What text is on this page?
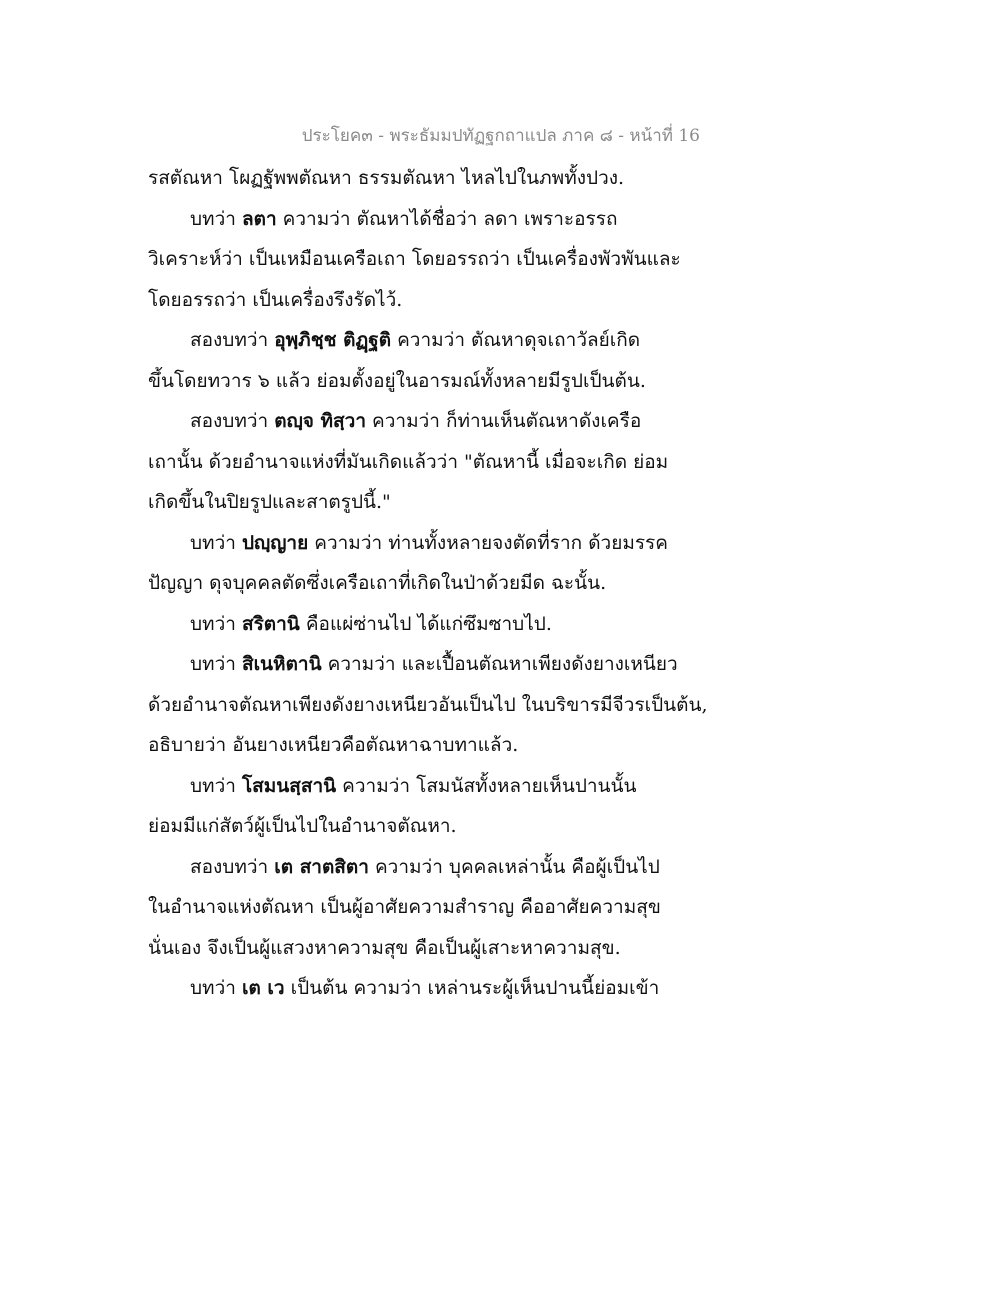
ประโยค๓ - พระธัมมปทัฏฐกถาแปล ภาค ๘ - หน้าที่ 16
รสตัณหา โผฏฐัพพตัณหา ธรรมตัณหา ไหลไปในภพทั้งปวง.
บทว่า ลตา ความว่า ตัณหาได้ชื่อว่า ลดา เพราะอรรถ
วิเคราะห์ว่า เป็นเหมือนเครือเถา โดยอรรถว่า เป็นเครื่องพัวพันและ
โดยอรรถว่า เป็นเครื่องรึงรัดไว้.
สองบทว่า อุพฺภิชฺช ติฏฺฐติ ความว่า ตัณหาดุจเถาวัลย์เกิด
ขึ้นโดยทวาร ๖ แล้ว ย่อมตั้งอยู่ในอารมณ์ทั้งหลายมีรูปเป็นต้น.
สองบทว่า ตญฺจ ทิสฺวา ความว่า ก็ท่านเห็นตัณหาดังเครือ
เถานั้น ด้วยอำนาจแห่งที่มันเกิดแล้วว่า "ตัณหานี้ เมื่อจะเกิด ย่อม
เกิดขึ้นในปิยรูปและสาตรูปนี้."
บทว่า ปญฺญาย ความว่า ท่านทั้งหลายจงตัดที่ราก ด้วยมรรค
ปัญญา ดุจบุคคลตัดซึ่งเครือเถาที่เกิดในป่าด้วยมีด ฉะนั้น.
บทว่า สริตานิ คือแผ่ซ่านไป ได้แก่ซึมซาบไป.
บทว่า สิเนหิตานิ ความว่า และเปื้อนตัณหาเพียงดังยางเหนียว
ด้วยอำนาจตัณหาเพียงดังยางเหนียวอันเป็นไป ในบริขารมีจีวรเป็นต้น,
อธิบายว่า อันยางเหนียวคือตัณหาฉาบทาแล้ว.
บทว่า โสมนสฺสานิ ความว่า โสมนัสทั้งหลายเห็นปานนั้น
ย่อมมีแก่สัตว์ผู้เป็นไปในอำนาจตัณหา.
สองบทว่า เต สาตสิตา ความว่า บุคคลเหล่านั้น คือผู้เป็นไป
ในอำนาจแห่งตัณหา เป็นผู้อาศัยความสำราญ คืออาศัยความสุข
นั่นเอง จึงเป็นผู้แสวงหาความสุข คือเป็นผู้เสาะหาความสุข.
บทว่า เต เว เป็นต้น ความว่า เหล่านระผู้เห็นปานนี้ย่อมเข้า
